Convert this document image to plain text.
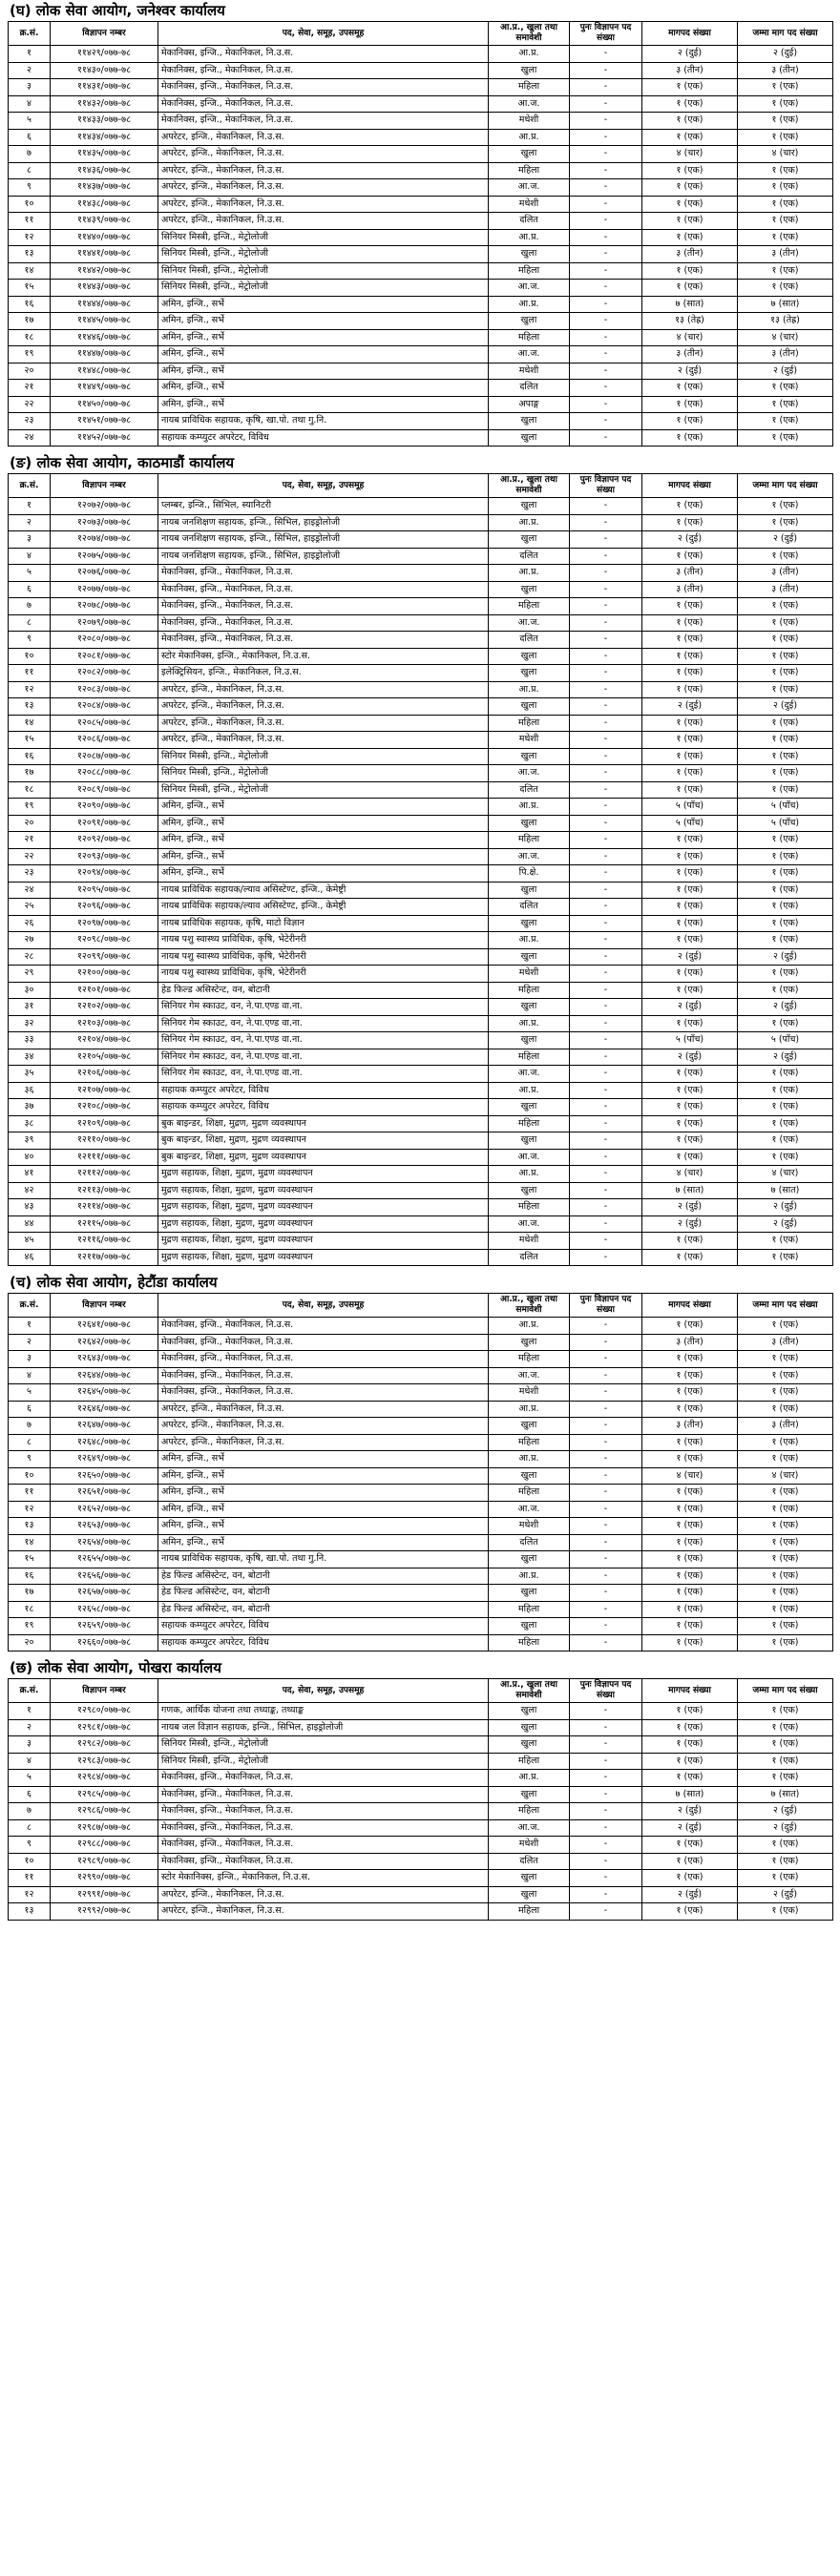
(घ) लोक सेवा आयोग, जनेश्वर कार्यालय
क्र.सं.	विज्ञापन नम्बर	पद, सेवा, समूह, उपसमूह	आ.प्र., खुला तथा समावेशी	पुनः विज्ञापन पद संख्या	मागपद संख्या	जम्मा माग पद संख्या
१	११४२९/०७७-७८	मेकानिक्स, इन्जि., मेकानिकल, नि.उ.स.	आ.प्र.	-	२ (दुई)	२ (दुई)
२	११४३०/०७७-७८	मेकानिक्स, इन्जि., मेकानिकल, नि.उ.स.	खुला	-	३ (तीन)	३ (तीन)
३	११४३१/०७७-७८	मेकानिक्स, इन्जि., मेकानिकल, नि.उ.स.	महिला	-	१ (एक)	१ (एक)
४	११४३२/०७७-७८	मेकानिक्स, इन्जि., मेकानिकल, नि.उ.स.	आ.ज.	-	१ (एक)	१ (एक)
५	११४३३/०७७-७८	मेकानिक्स, इन्जि., मेकानिकल, नि.उ.स.	मधेशी	-	१ (एक)	१ (एक)
६	११४३४/०७७-७८	अपरेटर, इन्जि., मेकानिकल, नि.उ.स.	आ.प्र.	-	१ (एक)	१ (एक)
७	११४३५/०७७-७८	अपरेटर, इन्जि., मेकानिकल, नि.उ.स.	खुला	-	४ (चार)	४ (चार)
८	११४३६/०७७-७८	अपरेटर, इन्जि., मेकानिकल, नि.उ.स.	महिला	-	१ (एक)	१ (एक)
९	११४३७/०७७-७८	अपरेटर, इन्जि., मेकानिकल, नि.उ.स.	आ.ज.	-	१ (एक)	१ (एक)
१०	११४३८/०७७-७८	अपरेटर, इन्जि., मेकानिकल, नि.उ.स.	मधेशी	-	१ (एक)	१ (एक)
११	११४३९/०७७-७८	अपरेटर, इन्जि., मेकानिकल, नि.उ.स.	दलित	-	१ (एक)	१ (एक)
१२	११४४०/०७७-७८	सिनियर मिस्त्री, इन्जि., मेट्रोलोजी	आ.प्र.	-	१ (एक)	१ (एक)
१३	११४४१/०७७-७८	सिनियर मिस्त्री, इन्जि., मेट्रोलोजी	खुला	-	३ (तीन)	३ (तीन)
१४	११४४२/०७७-७८	सिनियर मिस्त्री, इन्जि., मेट्रोलोजी	महिला	-	१ (एक)	१ (एक)
१५	११४४३/०७७-७८	सिनियर मिस्त्री, इन्जि., मेट्रोलोजी	आ.ज.	-	१ (एक)	१ (एक)
१६	११४४४/०७७-७८	अमिन, इन्जि., सर्भे	आ.प्र.	-	७ (सात)	७ (सात)
१७	११४४५/०७७-७८	अमिन, इन्जि., सर्भे	खुला	-	१३ (तेह्र)	१३ (तेह्र)
१८	११४४६/०७७-७८	अमिन, इन्जि., सर्भे	महिला	-	४ (चार)	४ (चार)
१९	११४४७/०७७-७८	अमिन, इन्जि., सर्भे	आ.ज.	-	३ (तीन)	३ (तीन)
२०	११४४८/०७७-७८	अमिन, इन्जि., सर्भे	मधेशी	-	२ (दुई)	२ (दुई)
२१	११४४९/०७७-७८	अमिन, इन्जि., सर्भे	दलित	-	१ (एक)	१ (एक)
२२	११४५०/०७७-७८	अमिन, इन्जि., सर्भे	अपाङ्ग	-	१ (एक)	१ (एक)
२३	११४५१/०७७-७८	नायब प्राविधिक सहायक, कृषि, खा.पो. तथा गु.नि.	खुला	-	१ (एक)	१ (एक)
२४	११४५२/०७७-७८	सहायक कम्प्युटर अपरेटर, विविध	खुला	-	१ (एक)	१ (एक)
(ङ) लोक सेवा आयोग, काठमाडौं कार्यालय
क्र.सं.	विज्ञापन नम्बर	पद, सेवा, समूह, उपसमूह	आ.प्र., खुला तथा समावेशी	पुनः विज्ञापन पद संख्या	मागपद संख्या	जम्मा माग पद संख्या
१	१२०७२/०७७-७८	प्लम्बर, इन्जि., सिभिल, स्यानिटरी	खुला	-	१ (एक)	१ (एक)
२	१२०७३/०७७-७८	नायब जनशिक्षण सहायक, इन्जि., सिभिल, हाइड्रोलोजी	आ.प्र.	-	१ (एक)	१ (एक)
३	१२०७४/०७७-७८	नायब जनशिक्षण सहायक, इन्जि., सिभिल, हाइड्रोलोजी	खुला	-	२ (दुई)	२ (दुई)
४	१२०७५/०७७-७८	नायब जनशिक्षण सहायक, इन्जि., सिभिल, हाइड्रोलोजी	दलित	-	१ (एक)	१ (एक)
५	१२०७६/०७७-७८	मेकानिक्स, इन्जि., मेकानिकल, नि.उ.स.	आ.प्र.	-	३ (तीन)	३ (तीन)
६	१२०७७/०७७-७८	मेकानिक्स, इन्जि., मेकानिकल, नि.उ.स.	खुला	-	३ (तीन)	३ (तीन)
७	१२०७८/०७७-७८	मेकानिक्स, इन्जि., मेकानिकल, नि.उ.स.	महिला	-	१ (एक)	१ (एक)
८	१२०७९/०७७-७८	मेकानिक्स, इन्जि., मेकानिकल, नि.उ.स.	आ.ज.	-	१ (एक)	१ (एक)
९	१२०८०/०७७-७८	मेकानिक्स, इन्जि., मेकानिकल, नि.उ.स.	दलित	-	१ (एक)	१ (एक)
१०	१२०८१/०७७-७८	स्टोर मेकानिक्स, इन्जि., मेकानिकल, नि.उ.स.	खुला	-	१ (एक)	१ (एक)
११	१२०८२/०७७-७८	इलेक्ट्रिसियन, इन्जि., मेकानिकल, नि.उ.स.	खुला	-	१ (एक)	१ (एक)
१२	१२०८३/०७७-७८	अपरेटर, इन्जि., मेकानिकल, नि.उ.स.	आ.प्र.	-	१ (एक)	१ (एक)
१३	१२०८४/०७७-७८	अपरेटर, इन्जि., मेकानिकल, नि.उ.स.	खुला	-	२ (दुई)	२ (दुई)
१४	१२०८५/०७७-७८	अपरेटर, इन्जि., मेकानिकल, नि.उ.स.	महिला	-	१ (एक)	१ (एक)
१५	१२०८६/०७७-७८	अपरेटर, इन्जि., मेकानिकल, नि.उ.स.	मधेशी	-	१ (एक)	१ (एक)
१६	१२०८७/०७७-७८	सिनियर मिस्त्री, इन्जि., मेट्रोलोजी	खुला	-	१ (एक)	१ (एक)
१७	१२०८८/०७७-७८	सिनियर मिस्त्री, इन्जि., मेट्रोलोजी	आ.ज.	-	१ (एक)	१ (एक)
१८	१२०८९/०७७-७८	सिनियर मिस्त्री, इन्जि., मेट्रोलोजी	दलित	-	१ (एक)	१ (एक)
१९	१२०९०/०७७-७८	अमिन, इन्जि., सर्भे	आ.प्र.	-	५ (पाँच)	५ (पाँच)
२०	१२०९१/०७७-७८	अमिन, इन्जि., सर्भे	खुला	-	५ (पाँच)	५ (पाँच)
२१	१२०९२/०७७-७८	अमिन, इन्जि., सर्भे	महिला	-	१ (एक)	१ (एक)
२२	१२०९३/०७७-७८	अमिन, इन्जि., सर्भे	आ.ज.	-	१ (एक)	१ (एक)
२३	१२०९४/०७७-७८	अमिन, इन्जि., सर्भे	पि.क्षे.	-	१ (एक)	१ (एक)
२४	१२०९५/०७७-७८	नायब प्राविधिक सहायक/ल्याव असिस्टेण्ट, इन्जि., केमेष्ट्री	खुला	-	१ (एक)	१ (एक)
२५	१२०९६/०७७-७८	नायब प्राविधिक सहायक/ल्याव असिस्टेण्ट, इन्जि., केमेष्ट्री	दलित	-	१ (एक)	१ (एक)
२६	१२०९७/०७७-७८	नायब प्राविधिक सहायक, कृषि, माटो विज्ञान	खुला	-	१ (एक)	१ (एक)
२७	१२०९८/०७७-७८	नायब पशु स्वास्थ्य प्राविधिक, कृषि, भेटेरीनरी	आ.प्र.	-	१ (एक)	१ (एक)
२८	१२०९९/०७७-७८	नायब पशु स्वास्थ्य प्राविधिक, कृषि, भेटेरीनरी	खुला	-	२ (दुई)	२ (दुई)
२९	१२१००/०७७-७८	नायब पशु स्वास्थ्य प्राविधिक, कृषि, भेटेरीनरी	मधेशी	-	१ (एक)	१ (एक)
३०	१२१०१/०७७-७८	हेड फिल्ड असिस्टेन्ट, वन, बोटानी	महिला	-	१ (एक)	१ (एक)
३१	१२१०२/०७७-७८	सिनियर गेम स्काउट, वन, ने.पा.एण्ड वा.ना.	खुला	-	२ (दुई)	२ (दुई)
३२	१२१०३/०७७-७८	सिनियर गेम स्काउट, वन, ने.पा.एण्ड वा.ना.	आ.प्र.	-	१ (एक)	१ (एक)
३३	१२१०४/०७७-७८	सिनियर गेम स्काउट, वन, ने.पा.एण्ड वा.ना.	खुला	-	५ (पाँच)	५ (पाँच)
३४	१२१०५/०७७-७८	सिनियर गेम स्काउट, वन, ने.पा.एण्ड वा.ना.	महिला	-	२ (दुई)	२ (दुई)
३५	१२१०६/०७७-७८	सिनियर गेम स्काउट, वन, ने.पा.एण्ड वा.ना.	आ.ज.	-	१ (एक)	१ (एक)
३६	१२१०७/०७७-७८	सहायक कम्प्युटर अपरेटर, विविध	आ.प्र.	-	१ (एक)	१ (एक)
३७	१२१०८/०७७-७८	सहायक कम्प्युटर अपरेटर, विविध	खुला	-	१ (एक)	१ (एक)
३८	१२१०९/०७७-७८	बुक बाइन्डर, शिक्षा, मुद्रण, मुद्रण व्यवस्थापन	महिला	-	१ (एक)	१ (एक)
३९	१२११०/०७७-७८	बुक बाइन्डर, शिक्षा, मुद्रण, मुद्रण व्यवस्थापन	खुला	-	१ (एक)	१ (एक)
४०	१२१११/०७७-७८	बुक बाइन्डर, शिक्षा, मुद्रण, मुद्रण व्यवस्थापन	आ.ज.	-	१ (एक)	१ (एक)
४१	१२११२/०७७-७८	मुद्रण सहायक, शिक्षा, मुद्रण, मुद्रण व्यवस्थापन	आ.प्र.	-	४ (चार)	४ (चार)
४२	१२११३/०७७-७८	मुद्रण सहायक, शिक्षा, मुद्रण, मुद्रण व्यवस्थापन	खुला	-	७ (सात)	७ (सात)
४३	१२११४/०७७-७८	मुद्रण सहायक, शिक्षा, मुद्रण, मुद्रण व्यवस्थापन	महिला	-	२ (दुई)	२ (दुई)
४४	१२११५/०७७-७८	मुद्रण सहायक, शिक्षा, मुद्रण, मुद्रण व्यवस्थापन	आ.ज.	-	२ (दुई)	२ (दुई)
४५	१२११६/०७७-७८	मुद्रण सहायक, शिक्षा, मुद्रण, मुद्रण व्यवस्थापन	मधेशी	-	१ (एक)	१ (एक)
४६	१२११७/०७७-७८	मुद्रण सहायक, शिक्षा, मुद्रण, मुद्रण व्यवस्थापन	दलित	-	१ (एक)	१ (एक)
(च) लोक सेवा आयोग, हेटौंडा कार्यालय
क्र.सं.	विज्ञापन नम्बर	पद, सेवा, समूह, उपसमूह	आ.प्र., खुला तथा समावेशी	पुनः विज्ञापन पद संख्या	मागपद संख्या	जम्मा माग पद संख्या
१	१२६४१/०७७-७८	मेकानिक्स, इन्जि., मेकानिकल, नि.उ.स.	आ.प्र.	-	१ (एक)	१ (एक)
२	१२६४२/०७७-७८	मेकानिक्स, इन्जि., मेकानिकल, नि.उ.स.	खुला	-	३ (तीन)	३ (तीन)
३	१२६४३/०७७-७८	मेकानिक्स, इन्जि., मेकानिकल, नि.उ.स.	महिला	-	१ (एक)	१ (एक)
४	१२६४४/०७७-७८	मेकानिक्स, इन्जि., मेकानिकल, नि.उ.स.	आ.ज.	-	१ (एक)	१ (एक)
५	१२६४५/०७७-७८	मेकानिक्स, इन्जि., मेकानिकल, नि.उ.स.	मधेशी	-	१ (एक)	१ (एक)
६	१२६४६/०७७-७८	अपरेटर, इन्जि., मेकानिकल, नि.उ.स.	आ.प्र.	-	१ (एक)	१ (एक)
७	१२६४७/०७७-७८	अपरेटर, इन्जि., मेकानिकल, नि.उ.स.	खुला	-	३ (तीन)	३ (तीन)
८	१२६४८/०७७-७८	अपरेटर, इन्जि., मेकानिकल, नि.उ.स.	महिला	-	१ (एक)	१ (एक)
९	१२६४९/०७७-७८	अमिन, इन्जि., सर्भे	आ.प्र.	-	१ (एक)	१ (एक)
१०	१२६५०/०७७-७८	अमिन, इन्जि., सर्भे	खुला	-	४ (चार)	४ (चार)
११	१२६५१/०७७-७८	अमिन, इन्जि., सर्भे	महिला	-	१ (एक)	१ (एक)
१२	१२६५२/०७७-७८	अमिन, इन्जि., सर्भे	आ.ज.	-	१ (एक)	१ (एक)
१३	१२६५३/०७७-७८	अमिन, इन्जि., सर्भे	मधेशी	-	१ (एक)	१ (एक)
१४	१२६५४/०७७-७८	अमिन, इन्जि., सर्भे	दलित	-	१ (एक)	१ (एक)
१५	१२६५५/०७७-७८	नायब प्राविधिक सहायक, कृषि, खा.पो. तथा गु.नि.	खुला	-	१ (एक)	१ (एक)
१६	१२६५६/०७७-७८	हेड फिल्ड असिस्टेन्ट, वन, बोटानी	आ.प्र.	-	१ (एक)	१ (एक)
१७	१२६५७/०७७-७८	हेड फिल्ड असिस्टेन्ट, वन, बोटानी	खुला	-	१ (एक)	१ (एक)
१८	१२६५८/०७७-७८	हेड फिल्ड असिस्टेन्ट, वन, बोटानी	महिला	-	१ (एक)	१ (एक)
१९	१२६५९/०७७-७८	सहायक कम्प्युटर अपरेटर, विविध	खुला	-	१ (एक)	१ (एक)
२०	१२६६०/०७७-७८	सहायक कम्प्युटर अपरेटर, विविध	महिला	-	१ (एक)	१ (एक)
(छ) लोक सेवा आयोग, पोखरा कार्यालय
क्र.सं.	विज्ञापन नम्बर	पद, सेवा, समूह, उपसमूह	आ.प्र., खुला तथा समावेशी	पुनः विज्ञापन पद संख्या	मागपद संख्या	जम्मा माग पद संख्या
१	१२९८०/०७७-७८	गणक, आर्थिक योजना तथा तथ्याङ्क, तथ्याङ्क	खुला	-	१ (एक)	१ (एक)
२	१२९८१/०७७-७८	नायब जल विज्ञान सहायक, इन्जि., सिभिल, हाइड्रोलोजी	खुला	-	१ (एक)	१ (एक)
३	१२९८२/०७७-७८	सिनियर मिस्त्री, इन्जि., मेट्रोलोजी	खुला	-	१ (एक)	१ (एक)
४	१२९८३/०७७-७८	सिनियर मिस्त्री, इन्जि., मेट्रोलोजी	महिला	-	१ (एक)	१ (एक)
५	१२९८४/०७७-७८	मेकानिक्स, इन्जि., मेकानिकल, नि.उ.स.	आ.प्र.	-	१ (एक)	१ (एक)
६	१२९८५/०७७-७८	मेकानिक्स, इन्जि., मेकानिकल, नि.उ.स.	खुला	-	७ (सात)	७ (सात)
७	१२९८६/०७७-७८	मेकानिक्स, इन्जि., मेकानिकल, नि.उ.स.	महिला	-	२ (दुई)	२ (दुई)
८	१२९८७/०७७-७८	मेकानिक्स, इन्जि., मेकानिकल, नि.उ.स.	आ.ज.	-	२ (दुई)	२ (दुई)
९	१२९८८/०७७-७८	मेकानिक्स, इन्जि., मेकानिकल, नि.उ.स.	मधेशी	-	१ (एक)	१ (एक)
१०	१२९८९/०७७-७८	मेकानिक्स, इन्जि., मेकानिकल, नि.उ.स.	दलित	-	१ (एक)	१ (एक)
११	१२९९०/०७७-७८	स्टोर मेकानिक्स, इन्जि., मेकानिकल, नि.उ.स.	खुला	-	१ (एक)	१ (एक)
१२	१२९९१/०७७-७८	अपरेटर, इन्जि., मेकानिकल, नि.उ.स.	खुला	-	२ (दुई)	२ (दुई)
१३	१२९९२/०७७-७८	अपरेटर, इन्जि., मेकानिकल, नि.उ.स.	महिला	-	१ (एक)	१ (एक)
